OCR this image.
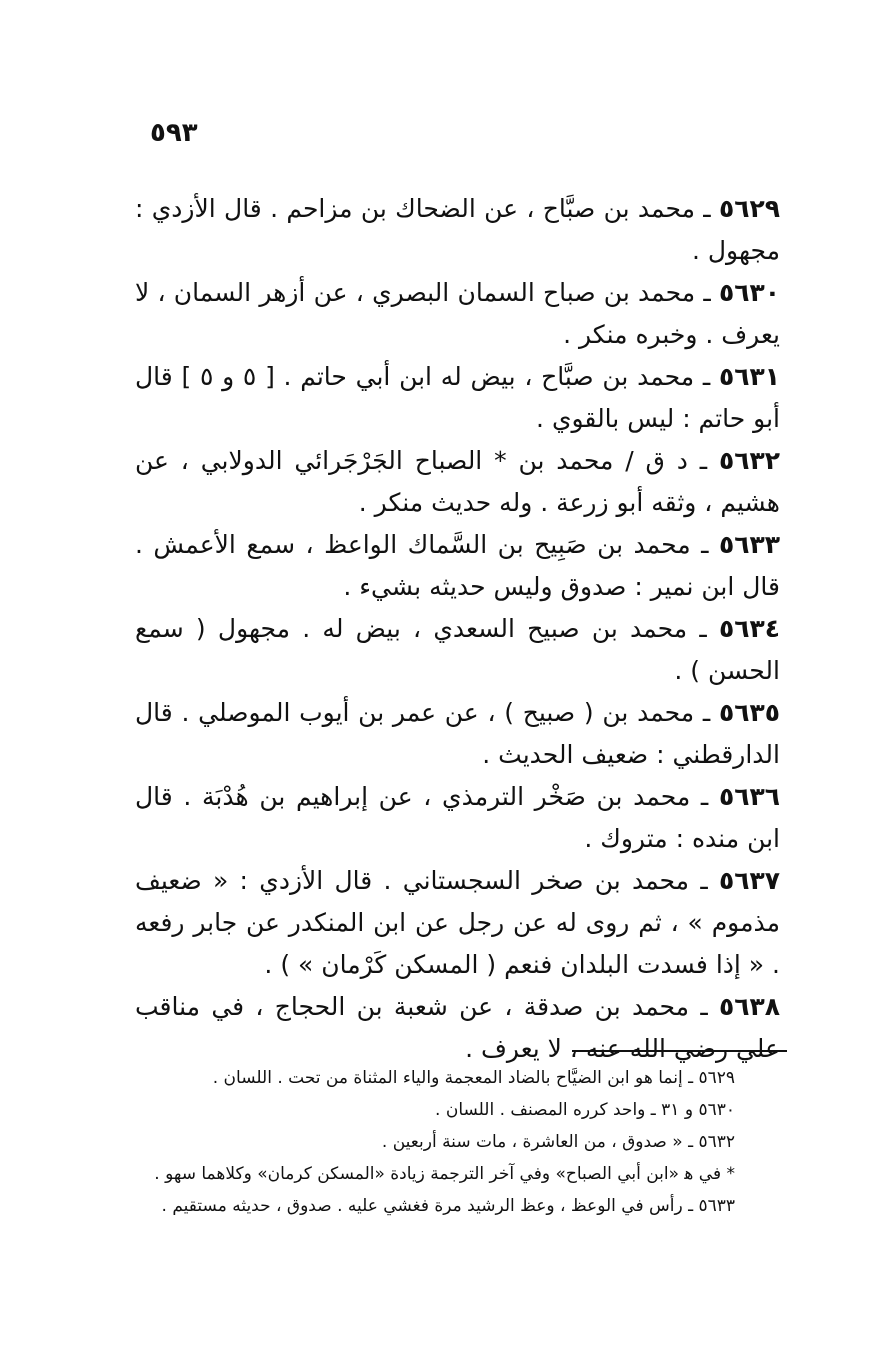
٥٩٣

٥٦٢٩ ـ محمد بن صبَّاح ، عن الضحاك بن مزاحم . قال الأزدي : مجهول .

٥٦٣٠ ـ محمد بن صباح السمان البصري ، عن أزهر السمان ، لا يعرف . وخبره منكر .

٥٦٣١ ـ محمد بن صبَّاح ، بيض له ابن أبي حاتم . [ ٥ و ٥ ] قال أبو حاتم : ليس بالقوي .

٥٦٣٢ ـ د ق / محمد بن * الصباح الجَرْجَرائي الدولابي ، عن هشيم ، وثقه أبو زرعة . وله حديث منكر .

٥٦٣٣ ـ محمد بن صَبِيح بن السَّماك الواعظ ، سمع الأعمش . قال ابن نمير : صدوق وليس حديثه بشيء .

٥٦٣٤ ـ محمد بن صبيح السعدي ، بيض له . مجهول ( سمع الحسن ) .

٥٦٣٥ ـ محمد بن ( صبيح ) ، عن عمر بن أيوب الموصلي . قال الدارقطني : ضعيف الحديث .

٥٦٣٦ ـ محمد بن صَخْر الترمذي ، عن إبراهيم بن هُدْبَة . قال ابن منده : متروك .

٥٦٣٧ ـ محمد بن صخر السجستاني . قال الأزدي : « ضعيف مذموم » ، ثم روى له عن رجل عن ابن المنكدر عن جابر رفعه . « إذا فسدت البلدان فنعم ( المسكن كَرْمان » ) .

٥٦٣٨ ـ محمد بن صدقة ، عن شعبة بن الحجاج ، في مناقب علي رضي الله عنه ، لا يعرف .

٥٦٢٩ ـ إنما هو ابن الضيَّاح بالضاد المعجمة والياء المثناة من تحت . اللسان .

٥٦٣٠ و ٣١ ـ واحد كرره المصنف . اللسان .

٥٦٣٢ ـ « صدوق ، من العاشرة ، مات سنة أربعين .

* في ﻫ «ابن أبي الصباح» وفي آخر الترجمة زيادة «المسكن كرمان» وكلاهما سهو .

٥٦٣٣ ـ رأس في الوعظ ، وعظ الرشيد مرة فغشي عليه . صدوق ، حديثه مستقيم .
